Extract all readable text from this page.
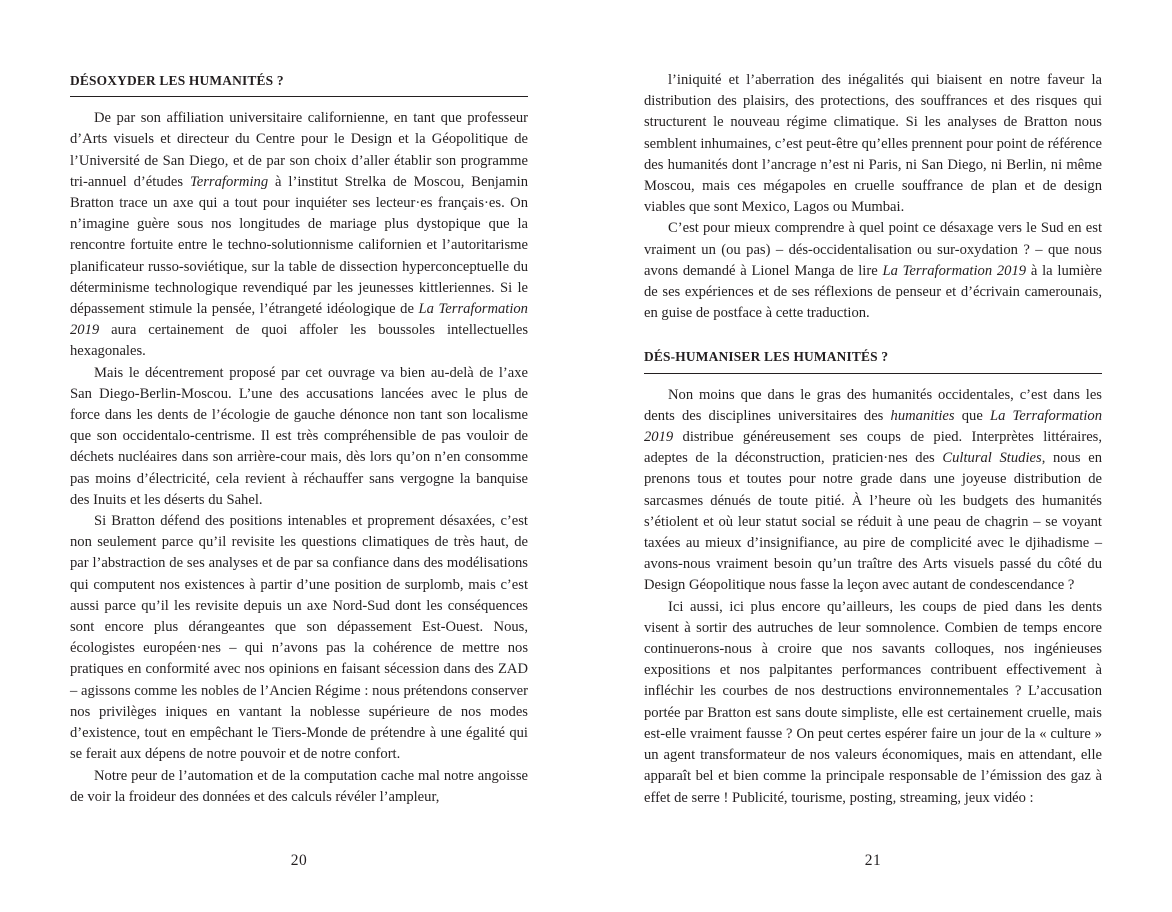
DÉSOXYDER LES HUMANITÉS ?

De par son affiliation universitaire californienne, en tant que professeur d’Arts visuels et directeur du Centre pour le Design et la Géopolitique de l’Université de San Diego, et de par son choix d’aller établir son programme tri-annuel d’études Terraforming à l’institut Strelka de Moscou, Benjamin Bratton trace un axe qui a tout pour inquiéter ses lecteur·es français·es. On n’imagine guère sous nos longitudes de mariage plus dystopique que la rencontre fortuite entre le techno-solutionnisme californien et l’autoritarisme planificateur russo-soviétique, sur la table de dissection hyperconceptuelle du déterminisme technologique revendiqué par les jeunesses kittleriennes. Si le dépassement stimule la pensée, l’étrangeté idéologique de La Terraformation 2019 aura certainement de quoi affoler les boussoles intellectuelles hexagonales.

Mais le décentrement proposé par cet ouvrage va bien au-delà de l’axe San Diego-Berlin-Moscou. L’une des accusations lancées avec le plus de force dans les dents de l’écologie de gauche dénonce non tant son localisme que son occidentalo-centrisme. Il est très compréhensible de pas vouloir de déchets nucléaires dans son arrière-cour mais, dès lors qu’on n’en consomme pas moins d’électricité, cela revient à réchauffer sans vergogne la banquise des Inuits et les déserts du Sahel.

Si Bratton défend des positions intenables et proprement désaxées, c’est non seulement parce qu’il revisite les questions climatiques de très haut, de par l’abstraction de ses analyses et de par sa confiance dans des modélisations qui computent nos existences à partir d’une position de surplomb, mais c’est aussi parce qu’il les revisite depuis un axe Nord-Sud dont les conséquences sont encore plus dérangeantes que son dépassement Est-Ouest. Nous, écologistes européen·nes – qui n’avons pas la cohérence de mettre nos pratiques en conformité avec nos opinions en faisant sécession dans des ZAD – agissons comme les nobles de l’Ancien Régime : nous prétendons conserver nos privilèges iniques en vantant la noblesse supérieure de nos modes d’existence, tout en empêchant le Tiers-Monde de prétendre à une égalité qui se ferait aux dépens de notre pouvoir et de notre confort.

Notre peur de l’automation et de la computation cache mal notre angoisse de voir la froideur des données et des calculs révéler l’ampleur,

20

l’iniquité et l’aberration des inégalités qui biaisent en notre faveur la distribution des plaisirs, des protections, des souffrances et des risques qui structurent le nouveau régime climatique. Si les analyses de Bratton nous semblent inhumaines, c’est peut-être qu’elles prennent pour point de référence des humanités dont l’ancrage n’est ni Paris, ni San Diego, ni Berlin, ni même Moscou, mais ces mégapoles en cruelle souffrance de plan et de design viables que sont Mexico, Lagos ou Mumbai.

C’est pour mieux comprendre à quel point ce désaxage vers le Sud en est vraiment un (ou pas) – dés-occidentalisation ou sur-oxydation ? – que nous avons demandé à Lionel Manga de lire La Terraformation 2019 à la lumière de ses expériences et de ses réflexions de penseur et d’écrivain camerounais, en guise de postface à cette traduction.

DÉS-HUMANISER LES HUMANITÉS ?

Non moins que dans le gras des humanités occidentales, c’est dans les dents des disciplines universitaires des humanities que La Terraformation 2019 distribue généreusement ses coups de pied. Interprètes littéraires, adeptes de la déconstruction, praticien·nes des Cultural Studies, nous en prenons tous et toutes pour notre grade dans une joyeuse distribution de sarcasmes dénués de toute pitié. À l’heure où les budgets des humanités s’étiolent et où leur statut social se réduit à une peau de chagrin – se voyant taxées au mieux d’insignifiance, au pire de complicité avec le djihadisme – avons-nous vraiment besoin qu’un traître des Arts visuels passé du côté du Design Géopolitique nous fasse la leçon avec autant de condescendance ?

Ici aussi, ici plus encore qu’ailleurs, les coups de pied dans les dents visent à sortir des autruches de leur somnolence. Combien de temps encore continuerons-nous à croire que nos savants colloques, nos ingénieuses expositions et nos palpitantes performances contribuent effectivement à infléchir les courbes de nos destructions environnementales ? L’accusation portée par Bratton est sans doute simpliste, elle est certainement cruelle, mais est-elle vraiment fausse ? On peut certes espérer faire un jour de la « culture » un agent transformateur de nos valeurs économiques, mais en attendant, elle apparaît bel et bien comme la principale responsable de l’émission des gaz à effet de serre ! Publicité, tourisme, posting, streaming, jeux vidéo :

21
